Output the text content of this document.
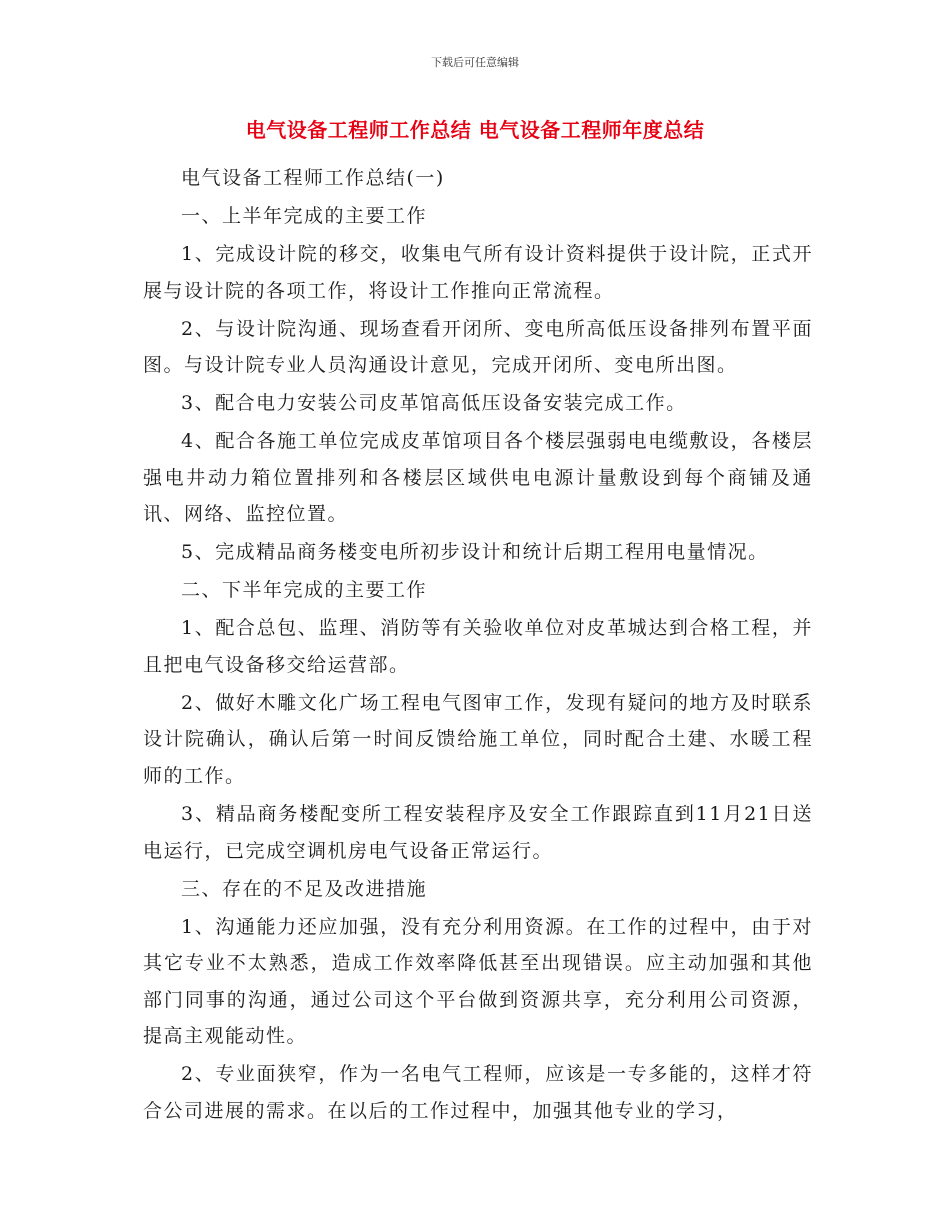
下载后可任意编辑
电气设备工程师工作总结 电气设备工程师年度总结

电气设备工程师工作总结(一)

一、上半年完成的主要工作

1、完成设计院的移交，收集电气所有设计资料提供于设计院，正式开展与设计院的各项工作，将设计工作推向正常流程。

2、与设计院沟通、现场查看开闭所、变电所高低压设备排列布置平面图。与设计院专业人员沟通设计意见，完成开闭所、变电所出图。

3、配合电力安装公司皮革馆高低压设备安装完成工作。

4、配合各施工单位完成皮革馆项目各个楼层强弱电电缆敷设，各楼层强电井动力箱位置排列和各楼层区域供电电源计量敷设到每个商铺及通讯、网络、监控位置。

5、完成精品商务楼变电所初步设计和统计后期工程用电量情况。

二、下半年完成的主要工作

1、配合总包、监理、消防等有关验收单位对皮革城达到合格工程，并且把电气设备移交给运营部。

2、做好木雕文化广场工程电气图审工作，发现有疑问的地方及时联系设计院确认，确认后第一时间反馈给施工单位，同时配合土建、水暖工程师的工作。

3、精品商务楼配变所工程安装程序及安全工作跟踪直到11月21日送电运行，已完成空调机房电气设备正常运行。

三、存在的不足及改进措施

1、沟通能力还应加强，没有充分利用资源。在工作的过程中，由于对其它专业不太熟悉，造成工作效率降低甚至出现错误。应主动加强和其他部门同事的沟通，通过公司这个平台做到资源共享，充分利用公司资源，提高主观能动性。

2、专业面狭窄，作为一名电气工程师，应该是一专多能的，这样才符合公司进展的需求。在以后的工作过程中，加强其他专业的学习，
